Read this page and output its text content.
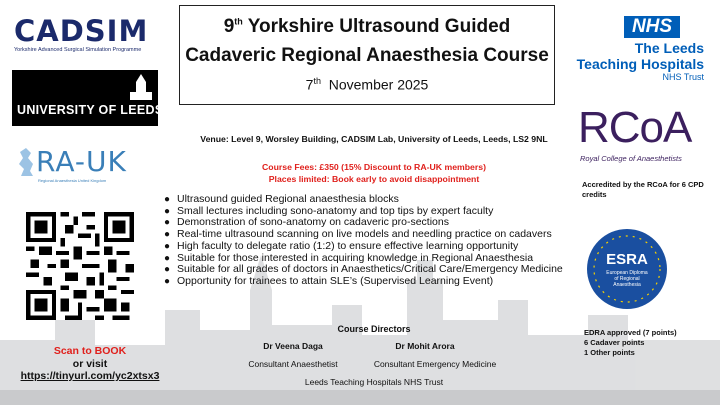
CADSIM
Yorkshire Advanced Surgical Simulation Programme
UNIVERSITY OF LEEDS
RA-UK
Regional Anaesthesia United Kingdom
Scan to BOOK
or visit
https://tinyurl.com/yc2xtsx3
9th Yorkshire Ultrasound Guided
Cadaveric Regional Anaesthesia Course
7th  November 2025
NHS
The Leeds
Teaching Hospitals
NHS Trust
RCoA
Royal College of Anaesthetists
Accredited by the RCoA for 6 CPD credits
ESRA
European Diploma
of Regional
Anaesthesia
EDRA approved (7 points)
6 Cadaver points
1 Other points
Venue: Level 9, Worsley Building, CADSIM Lab, University of Leeds, Leeds, LS2 9NL
Course Fees: £350 (15% Discount to RA-UK members)
Places limited: Book early to avoid disappointment
● Ultrasound guided Regional anaesthesia blocks
● Small lectures including sono-anatomy and top tips by expert faculty
● Demonstration of sono-anatomy on cadaveric pro-sections
● Real-time ultrasound scanning on live models and needling practice on cadavers
● High faculty to delegate ratio (1:2) to ensure effective learning opportunity
● Suitable for those interested in acquiring knowledge in Regional Anaesthesia
● Suitable for all grades of doctors in Anaesthetics/Critical Care/Emergency Medicine
● Opportunity for trainees to attain SLE’s (Supervised Learning Event)
Course Directors
Dr Veena Daga	Dr Mohit Arora
Consultant Anaesthetist	Consultant Emergency Medicine
Leeds Teaching Hospitals NHS Trust
